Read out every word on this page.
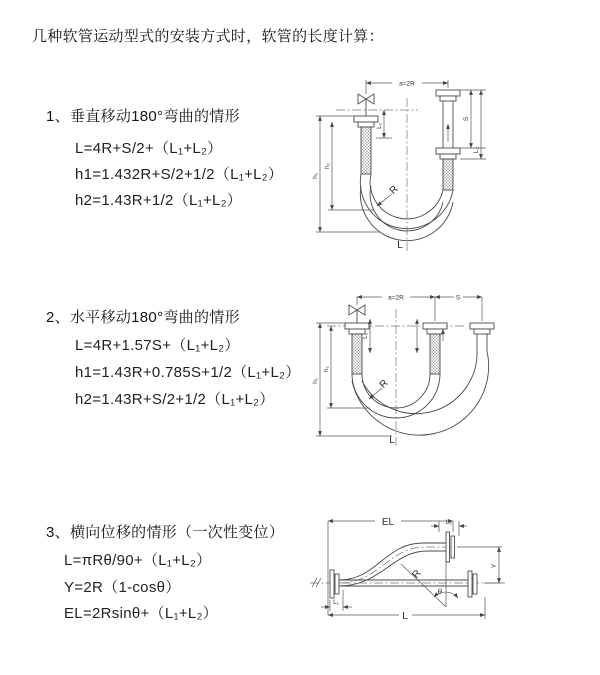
几种软管运动型式的安装方式时，软管的长度计算：
1、垂直移动180°弯曲的情形
L=4R+S/2+（L₁+L₂）
h1=1.432R+S/2+1/2（L₁+L₂）
h2=1.43R+1/2（L₁+L₂）
2、水平移动180°弯曲的情形
L=4R+1.57S+（L₁+L₂）
h1=1.43R+0.785S+1/2（L₁+L₂）
h2=1.43R+S/2+1/2（L₁+L₂）
3、横向位移的情形（一次性变位）
L=πRθ/90+（L₁+L₂）
Y=2R（1-cosθ）
EL=2Rsinθ+（L₁+L₂）
a=2R
L₁
h₁
h₂
S
L₂
R
L
a=2R	S
L₁
h₁
h₂
R
L
EL	L₂
Y
R
θ
L₁
L
